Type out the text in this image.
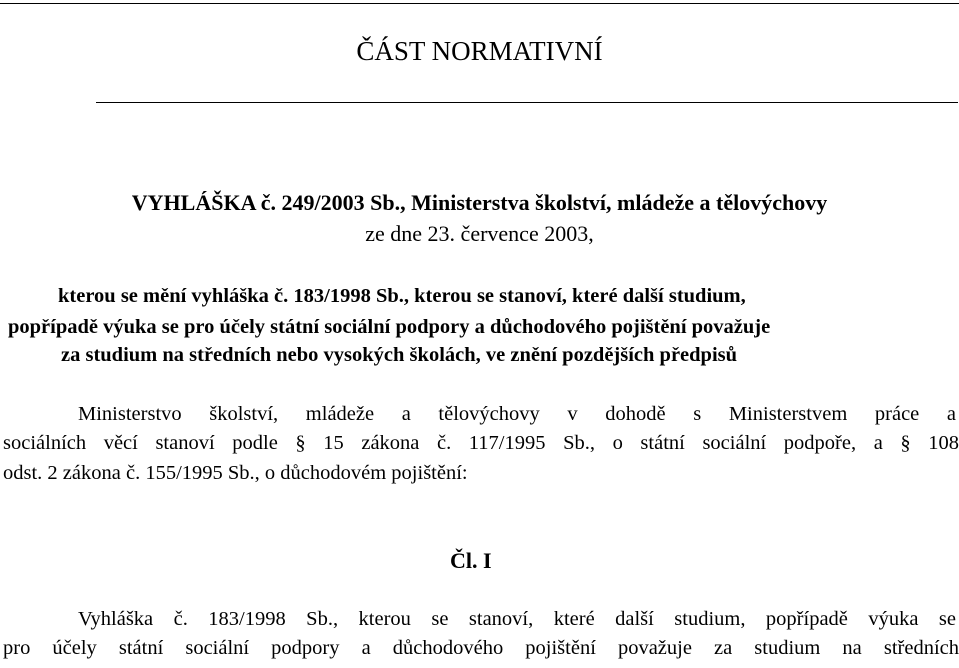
ČÁST NORMATIVNÍ
VYHLÁŠKA č. 249/2003 Sb., Ministerstva školství, mládeže a tělovýchovy
ze dne 23. července 2003,
kterou se mění vyhláška č. 183/1998 Sb., kterou se stanoví, které další studium,
popřípadě výuka se pro účely státní sociální podpory a důchodového pojištění považuje
za studium na středních nebo vysokých školách, ve znění pozdějších předpisů
Ministerstvo školství, mládeže a tělovýchovy v dohodě s Ministerstvem práce a
sociálních věcí stanoví podle § 15 zákona č. 117/1995 Sb., o státní sociální podpoře, a § 108
odst. 2 zákona č. 155/1995 Sb., o důchodovém pojištění:
Čl. I
Vyhláška č. 183/1998 Sb., kterou se stanoví, které další studium, popřípadě výuka se
pro účely státní sociální podpory a důchodového pojištění považuje za studium na středních
